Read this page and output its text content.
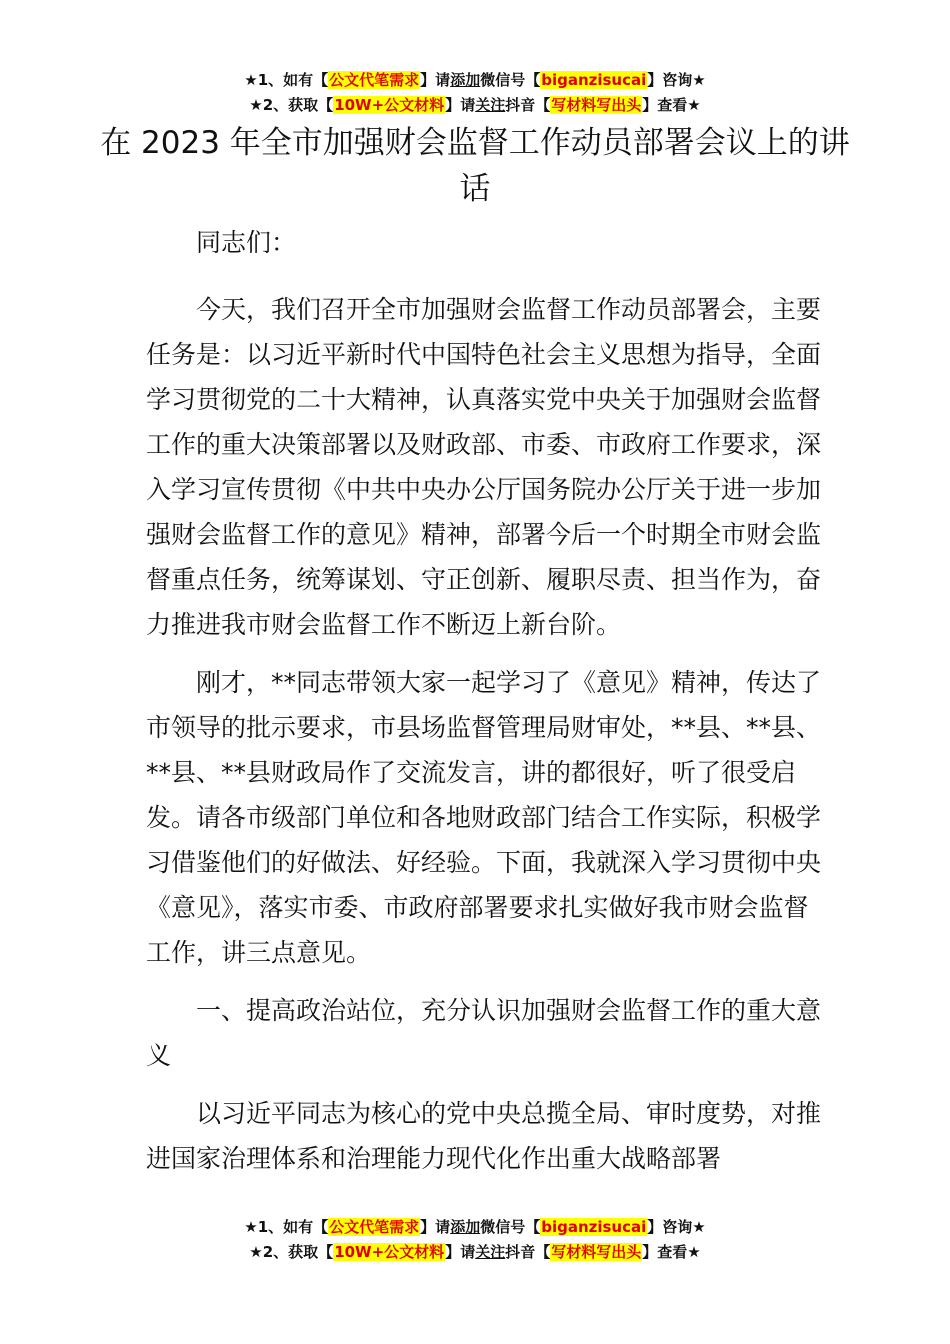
★1、如有【公文代笔需求】请添加微信号【biganzisucai】咨询★
★2、获取【10W+公文材料】请关注抖音【写材料写出头】查看★
在 2023 年全市加强财会监督工作动员部署会议上的讲话

同志们：

今天，我们召开全市加强财会监督工作动员部署会，主要任务是：以习近平新时代中国特色社会主义思想为指导，全面学习贯彻党的二十大精神，认真落实党中央关于加强财会监督工作的重大决策部署以及财政部、市委、市政府工作要求，深入学习宣传贯彻《中共中央办公厅国务院办公厅关于进一步加强财会监督工作的意见》精神，部署今后一个时期全市财会监督重点任务，统筹谋划、守正创新、履职尽责、担当作为，奋力推进我市财会监督工作不断迈上新台阶。

刚才，**同志带领大家一起学习了《意见》精神，传达了市领导的批示要求，市县场监督管理局财审处，**县、**县、**县、**县财政局作了交流发言，讲的都很好，听了很受启发。请各市级部门单位和各地财政部门结合工作实际，积极学习借鉴他们的好做法、好经验。下面，我就深入学习贯彻中央《意见》，落实市委、市政府部署要求扎实做好我市财会监督工作，讲三点意见。

一、提高政治站位，充分认识加强财会监督工作的重大意义

以习近平同志为核心的党中央总揽全局、审时度势，对推进国家治理体系和治理能力现代化作出重大战略部署

★1、如有【公文代笔需求】请添加微信号【biganzisucai】咨询★
★2、获取【10W+公文材料】请关注抖音【写材料写出头】查看★
